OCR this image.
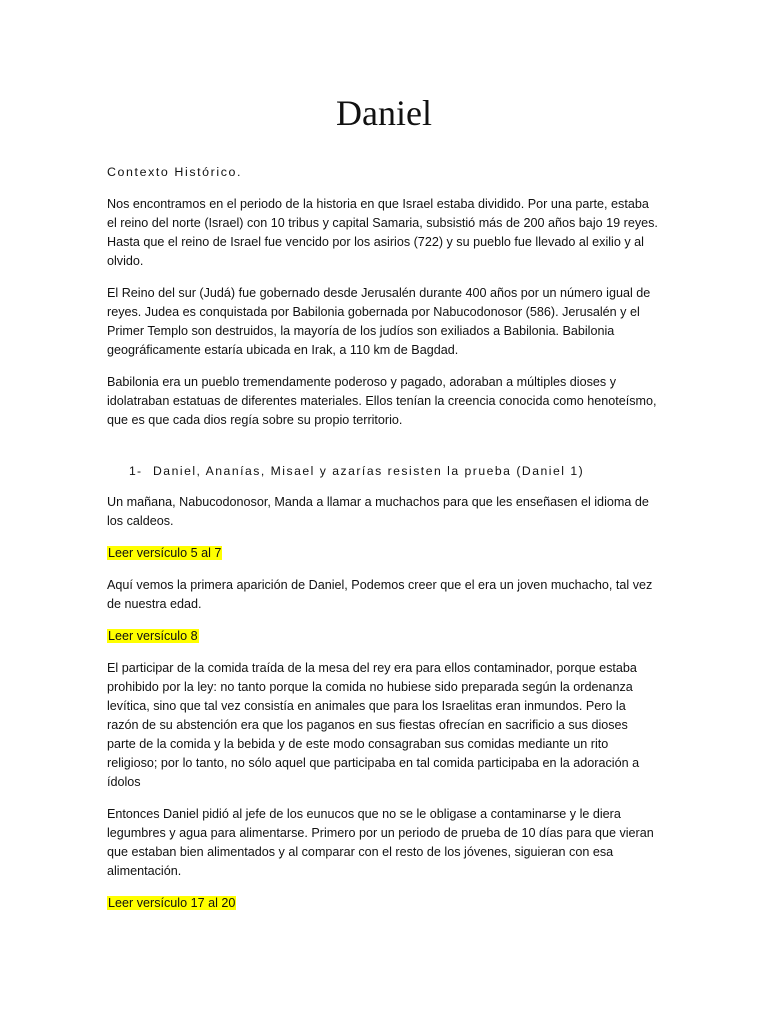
Daniel
Contexto Histórico.

Nos encontramos en el periodo de la historia en que Israel estaba dividido. Por una parte, estaba el reino del norte (Israel) con 10 tribus y capital Samaria, subsistió más de 200 años bajo 19 reyes. Hasta que el reino de Israel fue vencido por los asirios (722) y su pueblo fue llevado al exilio y al olvido.

El Reino del sur (Judá) fue gobernado desde Jerusalén durante 400 años por un número igual de reyes. Judea es conquistada por Babilonia gobernada por Nabucodonosor (586). Jerusalén y el Primer Templo son destruidos, la mayoría de los judíos son exiliados a Babilonia. Babilonia geográficamente estaría ubicada en Irak, a 110 km de Bagdad.

Babilonia era un pueblo tremendamente poderoso y pagado, adoraban a múltiples dioses y idolatraban estatuas de diferentes materiales. Ellos tenían la creencia conocida como henoteísmo, que es que cada dios regía sobre su propio territorio.

1- Daniel, Ananías, Misael y azarías resisten la prueba (Daniel 1)

Un mañana, Nabucodonosor, Manda a llamar a muchachos para que les enseñasen el idioma de los caldeos.

Leer versículo 5 al 7

Aquí vemos la primera aparición de Daniel, Podemos creer que el era un joven muchacho, tal vez de nuestra edad.

Leer versículo 8

El participar de la comida traída de la mesa del rey era para ellos contaminador, porque estaba prohibido por la ley: no tanto porque la comida no hubiese sido preparada según la ordenanza levítica, sino que tal vez consistía en animales que para los Israelitas eran inmundos. Pero la razón de su abstención era que los paganos en sus fiestas ofrecían en sacrificio a sus dioses parte de la comida y la bebida y de este modo consagraban sus comidas mediante un rito religioso; por lo tanto, no sólo aquel que participaba en tal comida participaba en la adoración a ídolos

Entonces Daniel pidió al jefe de los eunucos que no se le obligase a contaminarse y le diera legumbres y agua para alimentarse. Primero por un periodo de prueba de 10 días para que vieran que estaban bien alimentados y al comparar con el resto de los jóvenes, siguieran con esa alimentación.

Leer versículo 17 al 20
